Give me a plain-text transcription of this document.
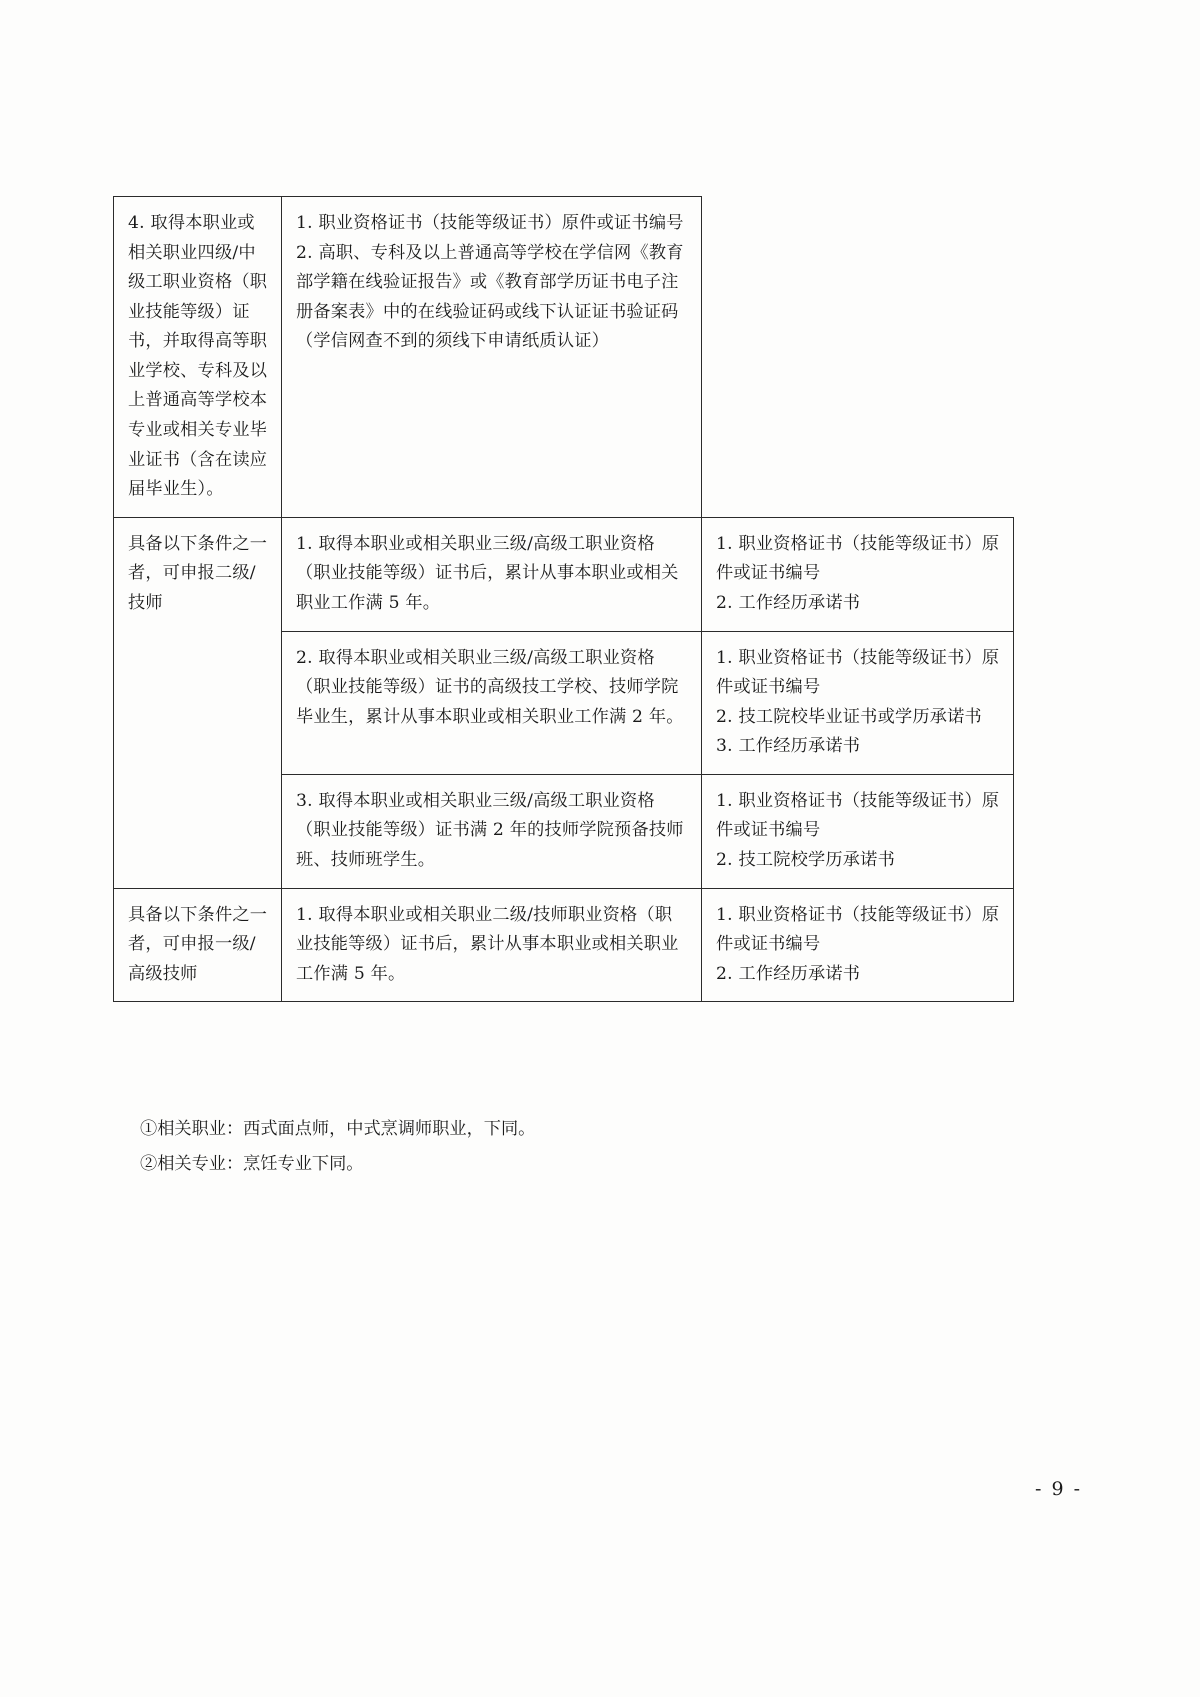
4. 取得本职业或相关职业四级/中级工职业资格（职业技能等级）证书，并取得高等职业学校、专科及以上普通高等学校本专业或相关专业毕业证书（含在读应届毕业生）。	1. 职业资格证书（技能等级证书）原件或证书编号
2. 高职、专科及以上普通高等学校在学信网《教育部学籍在线验证报告》或《教育部学历证书电子注册备案表》中的在线验证码或线下认证证书验证码（学信网查不到的须线下申请纸质认证）	

具备以下条件之一者，可申报二级/技师	1. 取得本职业或相关职业三级/高级工职业资格（职业技能等级）证书后，累计从事本职业或相关职业工作满 5 年。	1. 职业资格证书（技能等级证书）原件或证书编号
2. 工作经历承诺书

	2. 取得本职业或相关职业三级/高级工职业资格（职业技能等级）证书的高级技工学校、技师学院毕业生，累计从事本职业或相关职业工作满 2 年。	1. 职业资格证书（技能等级证书）原件或证书编号
2. 技工院校毕业证书或学历承诺书
3. 工作经历承诺书

	3. 取得本职业或相关职业三级/高级工职业资格（职业技能等级）证书满 2 年的技师学院预备技师班、技师班学生。	1. 职业资格证书（技能等级证书）原件或证书编号
2. 技工院校学历承诺书

具备以下条件之一者，可申报一级/高级技师	1. 取得本职业或相关职业二级/技师职业资格（职业技能等级）证书后，累计从事本职业或相关职业工作满 5 年。	1. 职业资格证书（技能等级证书）原件或证书编号
2. 工作经历承诺书
①相关职业：西式面点师，中式烹调师职业，下同。
②相关专业：烹饪专业下同。
- 9 -
